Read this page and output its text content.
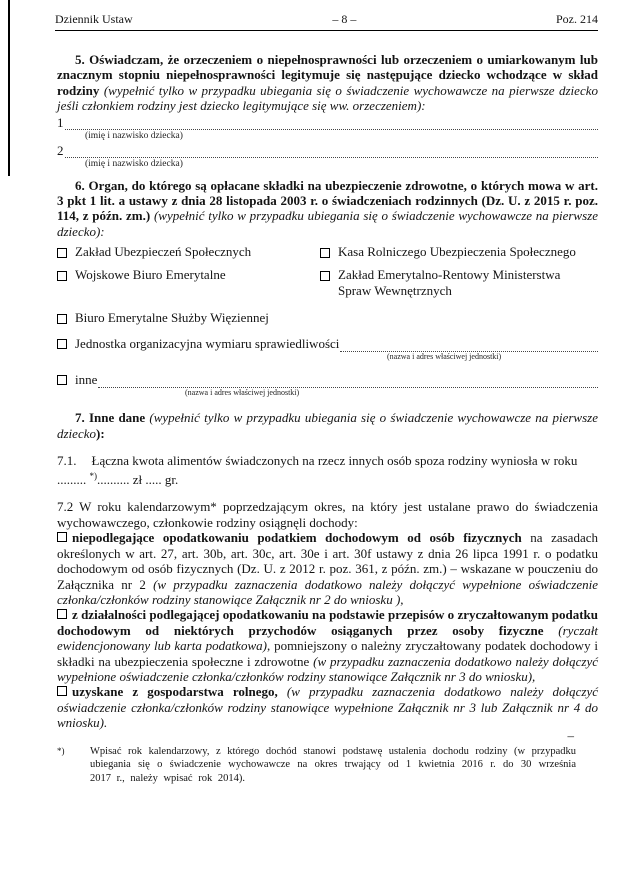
Dziennik Ustaw	– 8 –	Poz. 214

5. Oświadczam, że orzeczeniem o niepełnosprawności lub orzeczeniem o umiarkowanym lub znacznym stopniu niepełnosprawności legitymuje się następujące dziecko wchodzące w skład rodziny (wypełnić tylko w przypadku ubiegania się o świadczenie wychowawcze na pierwsze dziecko jeśli członkiem rodziny jest dziecko legitymujące się ww. orzeczeniem):

1
(imię i nazwisko dziecka)
2
(imię i nazwisko dziecka)

6. Organ, do którego są opłacane składki na ubezpieczenie zdrowotne, o których mowa w art. 3 pkt 1 lit. a ustawy z dnia 28 listopada 2003 r. o świadczeniach rodzinnych (Dz. U. z 2015 r. poz. 114, z późn. zm.) (wypełnić tylko w przypadku ubiegania się o świadczenie wychowawcze na pierwsze dziecko):

Zakład Ubezpieczeń Społecznych	Kasa Rolniczego Ubezpieczenia Społecznego
Wojskowe Biuro Emerytalne	Zakład Emerytalno-Rentowy Ministerstwa Spraw Wewnętrznych
Biuro Emerytalne Służby Więziennej
Jednostka organizacyjna wymiaru sprawiedliwości
(nazwa i adres właściwej jednostki)
inne
(nazwa i adres właściwej jednostki)

7. Inne dane (wypełnić tylko w przypadku ubiegania się o świadczenie wychowawcze na pierwsze dziecko):

7.1. Łączna kwota alimentów świadczonych na rzecz innych osób spoza rodziny wyniosła w roku

......... *).......... zł ..... gr.

7.2 W roku kalendarzowym* poprzedzającym okres, na który jest ustalane prawo do świadczenia wychowawczego, członkowie rodziny osiągnęli dochody:

niepodlegające opodatkowaniu podatkiem dochodowym od osób fizycznych na zasadach określonych w art. 27, art. 30b, art. 30c, art. 30e i art. 30f ustawy z dnia 26 lipca 1991 r. o podatku dochodowym od osób fizycznych (Dz. U. z 2012 r. poz. 361, z późn. zm.) – wskazane w pouczeniu do Załącznika nr 2 (w przypadku zaznaczenia dodatkowo należy dołączyć wypełnione oświadczenie członka/członków rodziny stanowiące Załącznik nr 2 do wniosku ),

z działalności podlegającej opodatkowaniu na podstawie przepisów o zryczałtowanym podatku dochodowym od niektórych przychodów osiąganych przez osoby fizyczne (ryczałt ewidencjonowany lub karta podatkowa), pomniejszony o należny zryczałtowany podatek dochodowy i składki na ubezpieczenia społeczne i zdrowotne (w przypadku zaznaczenia dodatkowo należy dołączyć wypełnione oświadczenie członka/członków rodziny stanowiące Załącznik nr 3 do wniosku),

uzyskane z gospodarstwa rolnego, (w przypadku zaznaczenia dodatkowo należy dołączyć oświadczenie członka/członków rodziny stanowiące wypełnione Załącznik nr 3 lub Załącznik nr 4 do wniosku).

*)	Wpisać rok kalendarzowy, z którego dochód stanowi podstawę ustalenia dochodu rodziny (w przypadku ubiegania się o świadczenie wychowawcze na okres trwający od 1 kwietnia 2016 r. do 30 września 2017 r., należy wpisać rok 2014).
–
